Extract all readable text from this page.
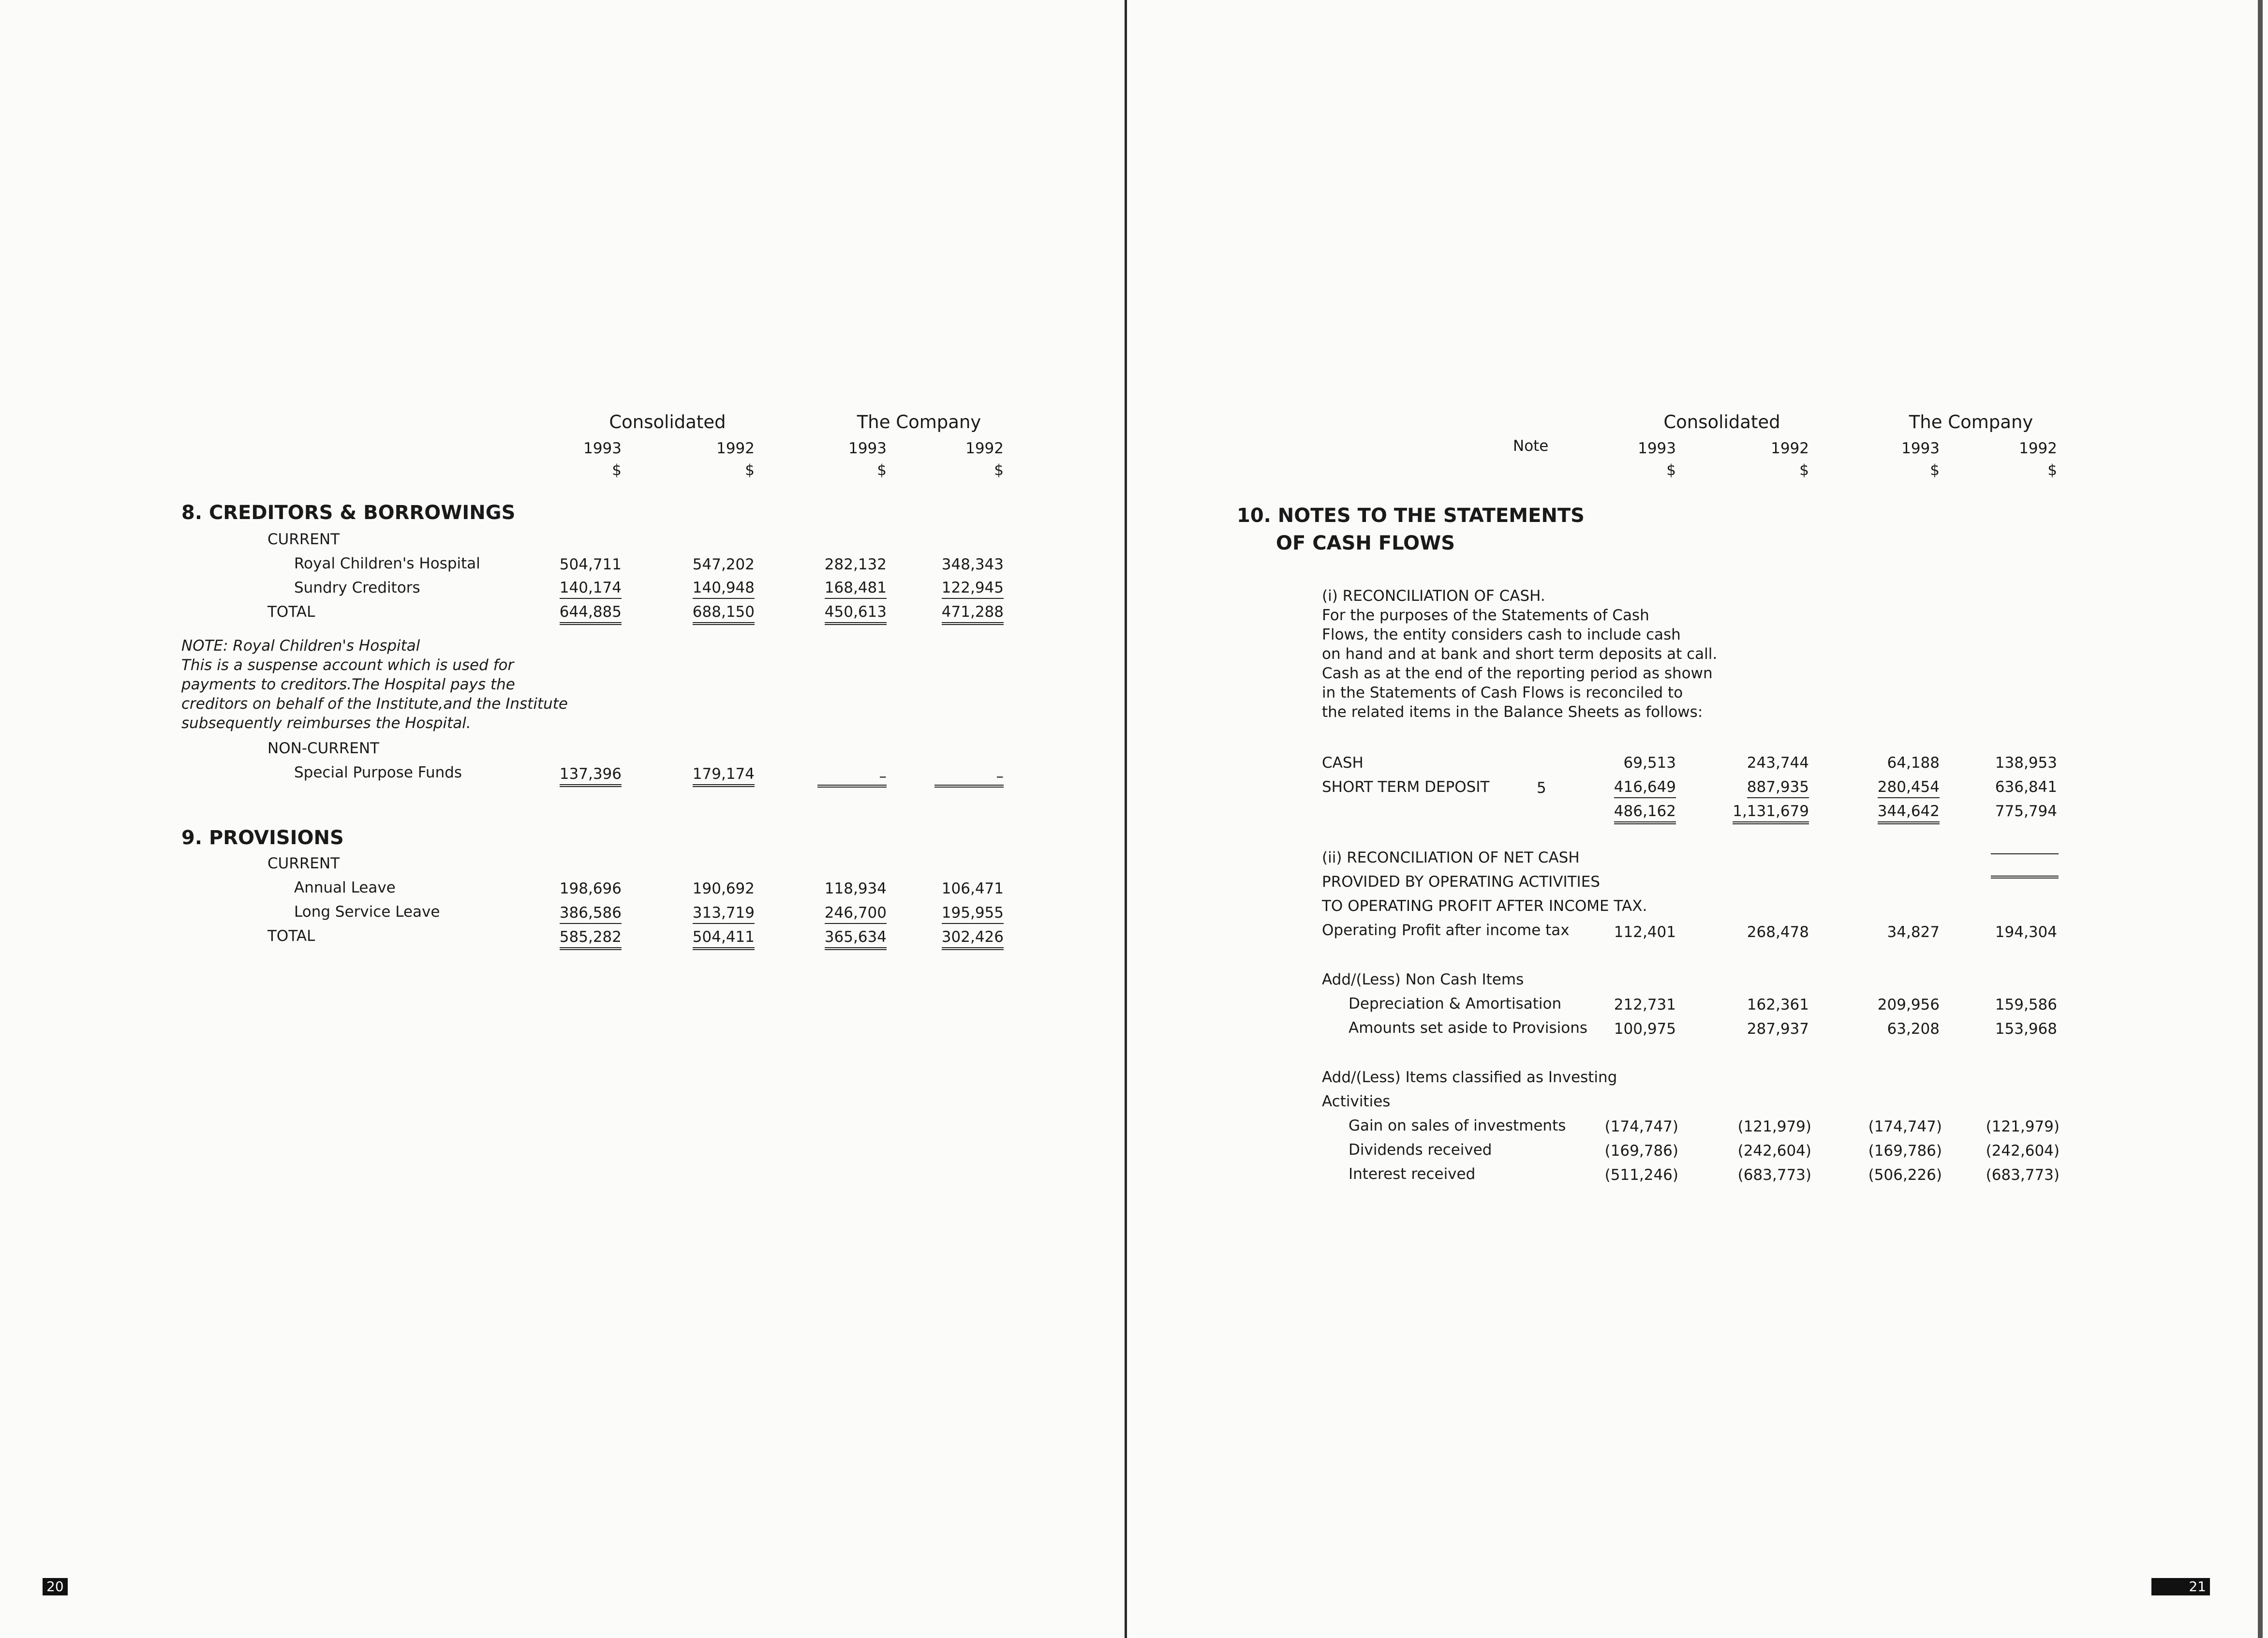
Consolidated	The Company
1993	1992	1993	1992
$	$	$	$
8. CREDITORS & BORROWINGS
CURRENT
Royal Children's Hospital	504,711	547,202	282,132	348,343
Sundry Creditors	140,174	140,948	168,481	122,945
TOTAL	644,885	688,150	450,613	471,288
NOTE: Royal Children's Hospital
This is a suspense account which is used for
payments to creditors.The Hospital pays the
creditors on behalf of the Institute,and the Institute
subsequently reimburses the Hospital.
NON-CURRENT
Special Purpose Funds	137,396	179,174	–	–
9. PROVISIONS
CURRENT
Annual Leave	198,696	190,692	118,934	106,471
Long Service Leave	386,586	313,719	246,700	195,955
TOTAL	585,282	504,411	365,634	302,426
20
Consolidated	The Company
Note	1993	1992	1993	1992
$	$	$	$
10. NOTES TO THE STATEMENTS
OF CASH FLOWS
(i) RECONCILIATION OF CASH.
For the purposes of the Statements of Cash
Flows, the entity considers cash to include cash
on hand and at bank and short term deposits at call.
Cash as at the end of the reporting period as shown
in the Statements of Cash Flows is reconciled to
the related items in the Balance Sheets as follows:
CASH	69,513	243,744	64,188	138,953
SHORT TERM DEPOSIT	5	416,649	887,935	280,454	636,841
486,162	1,131,679	344,642	775,794
(ii) RECONCILIATION OF NET CASH
PROVIDED BY OPERATING ACTIVITIES
TO OPERATING PROFIT AFTER INCOME TAX.
Operating Profit after income tax	112,401	268,478	34,827	194,304
Add/(Less) Non Cash Items
Depreciation & Amortisation	212,731	162,361	209,956	159,586
Amounts set aside to Provisions	100,975	287,937	63,208	153,968
Add/(Less) Items classified as Investing
Activities
Gain on sales of investments	(174,747)	(121,979)	(174,747)	(121,979)
Dividends received	(169,786)	(242,604)	(169,786)	(242,604)
Interest received	(511,246)	(683,773)	(506,226)	(683,773)
21
